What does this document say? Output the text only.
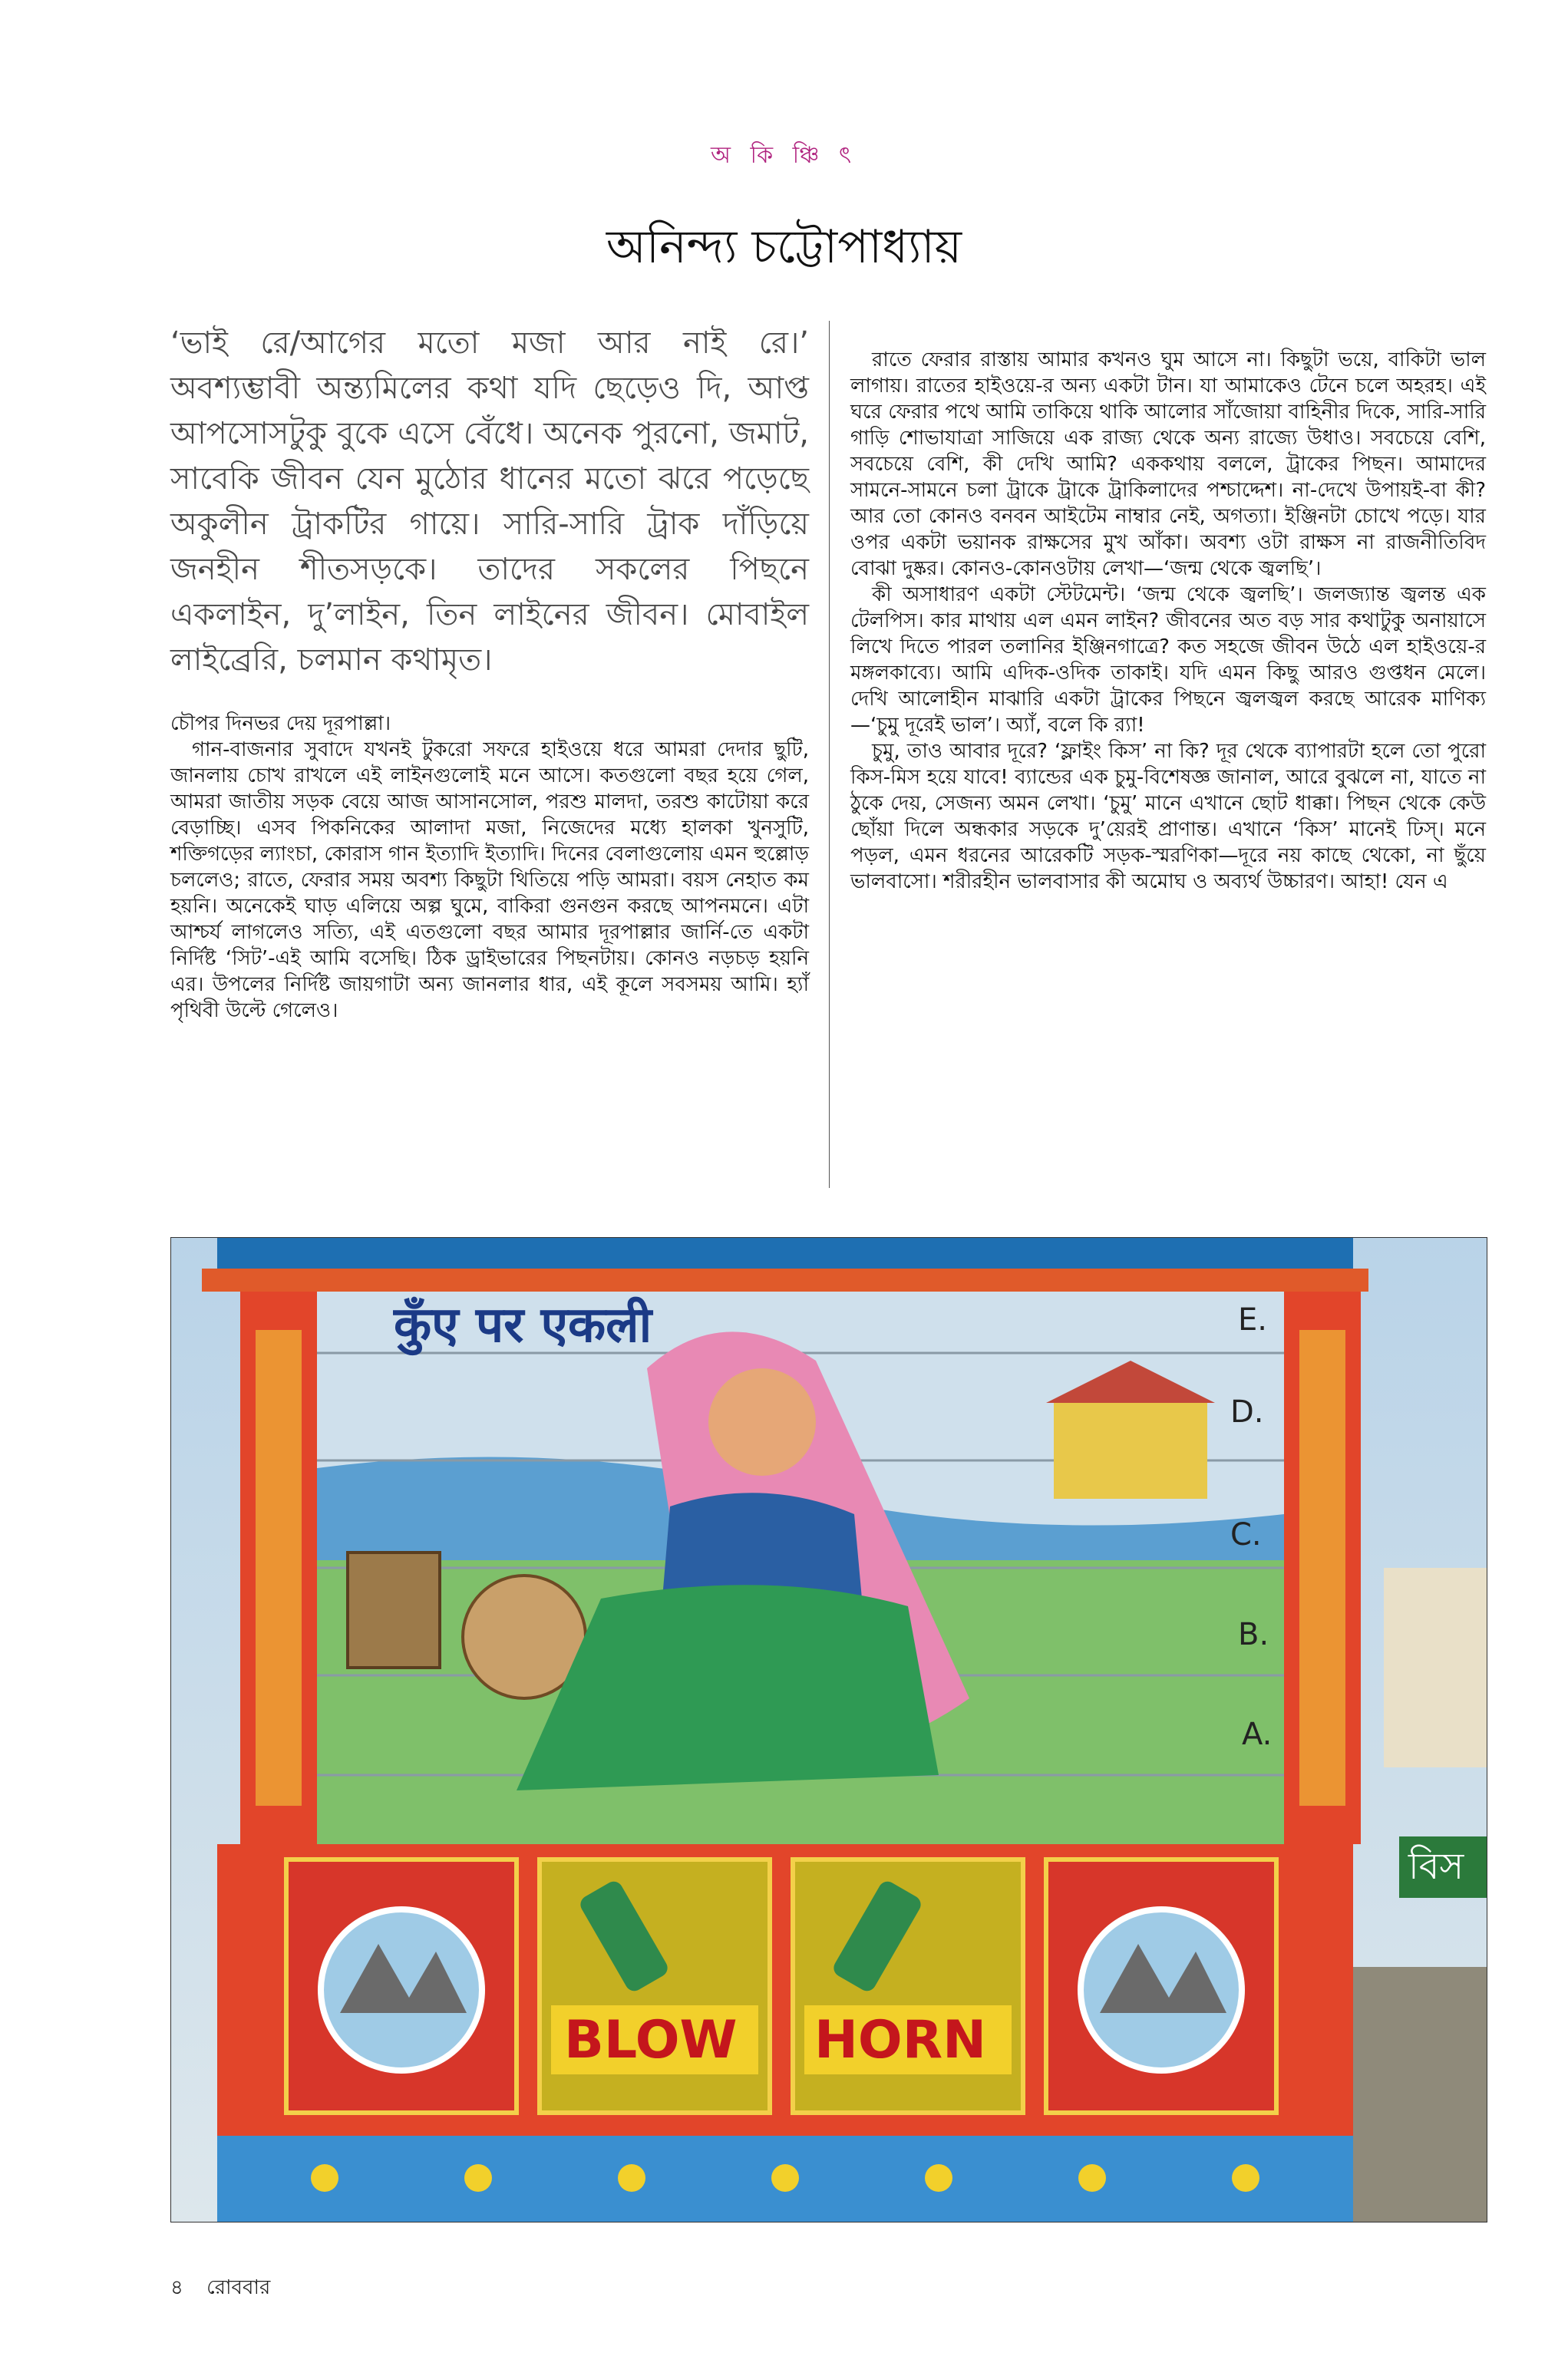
অ কি ঞ্চি ৎ
অনিন্দ্য চট্টোপাধ্যায়

‘ভাই রে/আগের মতো মজা আর নাই রে।’ অবশ্যম্ভাবী অন্ত্যমিলের কথা যদি ছেড়েও দি, আপ্ত আপসোসটুকু বুকে এসে বেঁধে। অনেক পুরনো, জমাট, সাবেকি জীবন যেন মুঠোর ধানের মতো ঝরে পড়েছে অকুলীন ট্রাকটির গায়ে। সারি-সারি ট্রাক দাঁড়িয়ে জনহীন শীতসড়কে। তাদের সকলের পিছনে একলাইন, দু’লাইন, তিন লাইনের জীবন। মোবাইল লাইব্রেরি, চলমান কথামৃত।

চৌপর দিনভর দেয় দূরপাল্লা।

গান-বাজনার সুবাদে যখনই টুকরো সফরে হাইওয়ে ধরে আমরা দেদার ছুটি, জানলায় চোখ রাখলে এই লাইনগুলোই মনে আসে। কতগুলো বছর হয়ে গেল, আমরা জাতীয় সড়ক বেয়ে আজ আসানসোল, পরশু মালদা, তরশু কাটোয়া করে বেড়াচ্ছি। এসব পিকনিকের আলাদা মজা, নিজেদের মধ্যে হালকা খুনসুটি, শক্তিগড়ের ল্যাংচা, কোরাস গান ইত্যাদি ইত্যাদি। দিনের বেলাগুলোয় এমন হুল্লোড় চললেও; রাতে, ফেরার সময় অবশ্য কিছুটা থিতিয়ে পড়ি আমরা। বয়স নেহাত কম হয়নি। অনেকেই ঘাড় এলিয়ে অল্প ঘুমে, বাকিরা গুনগুন করছে আপনমনে। এটা আশ্চর্য লাগলেও সত্যি, এই এতগুলো বছর আমার দূরপাল্লার জার্নি-তে একটা নির্দিষ্ট ‘সিট’-এই আমি বসেছি। ঠিক ড্রাইভারের পিছনটায়। কোনও নড়চড় হয়নি এর। উপলের নির্দিষ্ট জায়গাটা অন্য জানলার ধার, এই কূলে সবসময় আমি। হ্যাঁ পৃথিবী উল্টে গেলেও।

রাতে ফেরার রাস্তায় আমার কখনও ঘুম আসে না। কিছুটা ভয়ে, বাকিটা ভাল লাগায়। রাতের হাইওয়ে-র অন্য একটা টান। যা আমাকেও টেনে চলে অহরহ। এই ঘরে ফেরার পথে আমি তাকিয়ে থাকি আলোর সাঁজোয়া বাহিনীর দিকে, সারি-সারি গাড়ি শোভাযাত্রা সাজিয়ে এক রাজ্য থেকে অন্য রাজ্যে উধাও। সবচেয়ে বেশি, সবচেয়ে বেশি, কী দেখি আমি? এককথায় বললে, ট্রাকের পিছন। আমাদের সামনে-সামনে চলা ট্রাকে ট্রাকে ট্রাকিলাদের পশ্চাদ্দেশ। না-দেখে উপায়ই-বা কী? আর তো কোনও বনবন আইটেম নাম্বার নেই, অগত্যা। ইঞ্জিনটা চোখে পড়ে। যার ওপর একটা ভয়ানক রাক্ষসের মুখ আঁকা। অবশ্য ওটা রাক্ষস না রাজনীতিবিদ বোঝা দুষ্কর। কোনও-কোনওটায় লেখা—‘জন্ম থেকে জ্বলছি’।

কী অসাধারণ একটা স্টেটমেন্ট। ‘জন্ম থেকে জ্বলছি’। জলজ্যান্ত জ্বলন্ত এক টেলপিস। কার মাথায় এল এমন লাইন? জীবনের অত বড় সার কথাটুকু অনায়াসে লিখে দিতে পারল তলানির ইঞ্জিনগাত্রে? কত সহজে জীবন উঠে এল হাইওয়ে-র মঙ্গলকাব্যে। আমি এদিক-ওদিক তাকাই। যদি এমন কিছু আরও গুপ্তধন মেলে। দেখি আলোহীন মাঝারি একটা ট্রাকের পিছনে জ্বলজ্বল করছে আরেক মাণিক্য—‘চুমু দূরেই ভাল’। অ্যাঁ, বলে কি র‍্যা!

চুমু, তাও আবার দূরে? ‘ফ্লাইং কিস’ না কি? দূর থেকে ব্যাপারটা হলে তো পুরো কিস-মিস হয়ে যাবে! ব্যান্ডের এক চুমু-বিশেষজ্ঞ জানাল, আরে বুঝলে না, যাতে না ঠুকে দেয়, সেজন্য অমন লেখা। ‘চুমু’ মানে এখানে ছোট ধাক্কা। পিছন থেকে কেউ ছোঁয়া দিলে অন্ধকার সড়কে দু’য়েরই প্রাণান্ত। এখানে ‘কিস’ মানেই ঢিস্। মনে পড়ল, এমন ধরনের আরেকটি সড়ক-স্মরণিকা—দূরে নয় কাছে থেকো, না ছুঁয়ে ভালবাসো। শরীরহীন ভালবাসার কী অমোঘ ও অব্যর্থ উচ্চারণ। আহা! যেন এ

বিস
कुँए पर एकली	E.
D.
C.
B.
A.
BLOW HORN
৪ রোববার
